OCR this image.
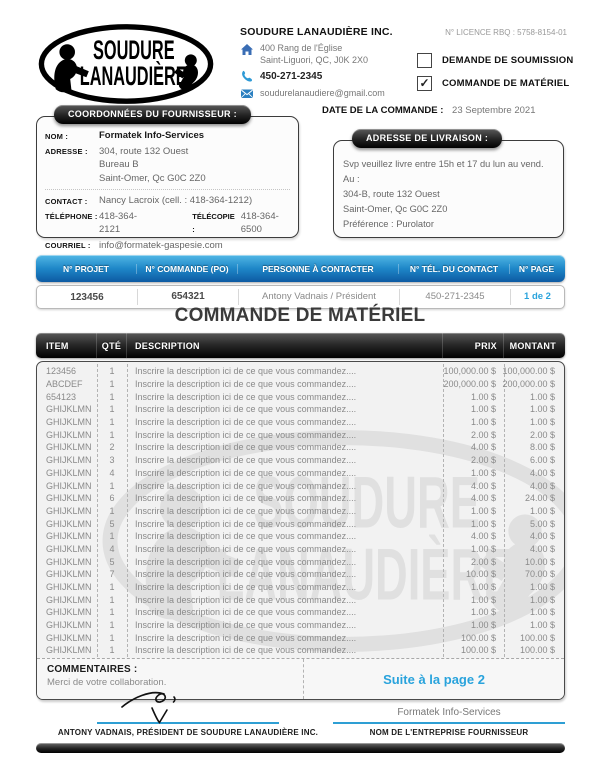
SOUDURE LANAUDIÈRE INC.
400 Rang de l'Église
Saint-Liguori, QC, J0K 2X0
450-271-2345
soudurelanaudiere@gmail.com
N° LICENCE RBQ : 5758-8154-01
DEMANDE DE SOUMISSION
✓ COMMANDE DE MATÉRIEL
COORDONNÉES DU FOURNISSEUR :
NOM :	Formatek Info-Services
ADRESSE :	304, route 132 Ouest
Bureau B
Saint-Omer, Qc G0C 2Z0
CONTACT :	Nancy Lacroix (cell. : 418-364-1212)
TÉLÉPHONE : 418-364-2121
TÉLÉCOPIE :
418-364-6500
COURRIEL : info@formatek-gaspesie.com
DATE DE LA COMMANDE : 23 Septembre 2021
ADRESSE DE LIVRAISON :
Svp veuillez livre entre 15h et 17 du lun au vend.
Au :
304-B, route 132 Ouest
Saint-Omer, Qc G0C 2Z0
Préférence : Purolator
N° PROJET	N° COMMANDE (PO)	PERSONNE À CONTACTER	N° TÉL. DU CONTACT	N° PAGE
123456	654321	Antony Vadnais / Président	450-271-2345	1 de 2
COMMANDE DE MATÉRIEL
ITEM	QTÉ	DESCRIPTION	PRIX	MONTANT
123456	1	Inscrire la description ici de ce que vous commandez....	100,000.00 $ 100,000.00 $
ABCDEF	1	Inscrire la description ici de ce que vous commandez....	200,000.00 $ 200,000.00 $
654123	1	Inscrire la description ici de ce que vous commandez....	1.00 $	1.00 $
GHIJKLMN	1	Inscrire la description ici de ce que vous commandez....	1.00 $	1.00 $
GHIJKLMN	1	Inscrire la description ici de ce que vous commandez....	1.00 $	1.00 $
GHIJKLMN	1	Inscrire la description ici de ce que vous commandez....	2.00 $	2.00 $
GHIJKLMN	2	Inscrire la description ici de ce que vous commandez....	4.00 $	8.00 $
GHIJKLMN	3	Inscrire la description ici de ce que vous commandez....	2.00 $	6.00 $
GHIJKLMN	4	Inscrire la description ici de ce que vous commandez....	1.00 $	4.00 $
GHIJKLMN	1	Inscrire la description ici de ce que vous commandez....	4.00 $	4.00 $
GHIJKLMN	6	Inscrire la description ici de ce que vous commandez....	4.00 $	24.00 $
GHIJKLMN	1	Inscrire la description ici de ce que vous commandez....	1.00 $	1.00 $
GHIJKLMN	5	Inscrire la description ici de ce que vous commandez....	1.00 $	5.00 $
GHIJKLMN	1	Inscrire la description ici de ce que vous commandez....	4.00 $	4.00 $
GHIJKLMN	4	Inscrire la description ici de ce que vous commandez....	1.00 $	4.00 $
GHIJKLMN	5	Inscrire la description ici de ce que vous commandez....	2.00 $	10.00 $
GHIJKLMN	7	Inscrire la description ici de ce que vous commandez....	10.00 $	70.00 $
GHIJKLMN	1	Inscrire la description ici de ce que vous commandez....	1.00 $	1.00 $
GHIJKLMN	1	Inscrire la description ici de ce que vous commandez....	1.00 $	1.00 $
GHIJKLMN	1	Inscrire la description ici de ce que vous commandez....	1.00 $	1.00 $
GHIJKLMN	1	Inscrire la description ici de ce que vous commandez....	1.00 $	1.00 $
GHIJKLMN	1	Inscrire la description ici de ce que vous commandez....	100.00 $	100.00 $
GHIJKLMN	1	Inscrire la description ici de ce que vous commandez....	100.00 $	100.00 $
COMMENTAIRES :
Merci de votre collaboration.	Suite à la page 2
Formatek Info-Services
ANTONY VADNAIS, PRÉSIDENT DE SOUDURE LANAUDIÈRE INC.	NOM DE L'ENTREPRISE FOURNISSEUR
